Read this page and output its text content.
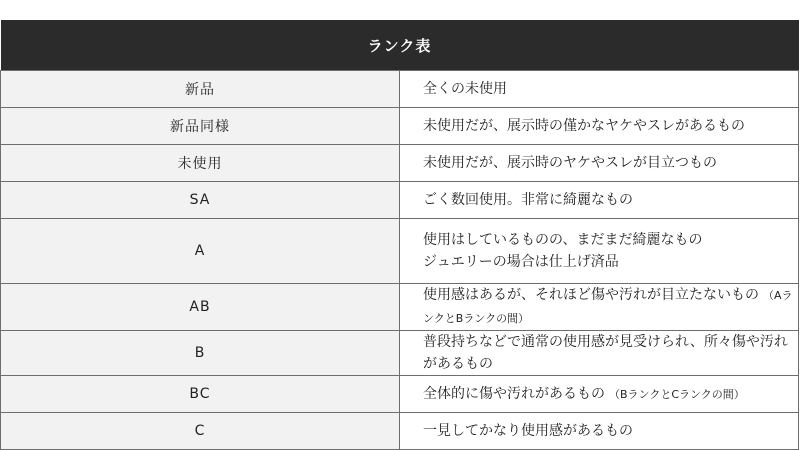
ランク表	
新品	全くの未使用

新品同様	未使用だが、展示時の僅かなヤケやスレがあるもの

未使用	未使用だが、展示時のヤケやスレが目立つもの

SA	ごく数回使用。非常に綺麗なもの

A	使用はしているものの、まだまだ綺麗なもの
ジュエリーの場合は仕上げ済品

AB	使用感はあるが、それほど傷や汚れが目立たないもの （AランクとBランクの間）
B	普段持ちなどで通常の使用感が見受けられ、所々傷や汚れがあるもの

BC	全体的に傷や汚れがあるもの （BランクとCランクの間）
C	一見してかなり使用感があるもの
